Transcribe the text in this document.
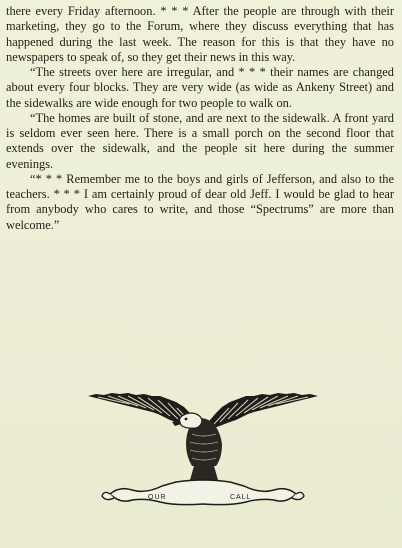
there every Friday afternoon. * * * After the people are through with their marketing, they go to the Forum, where they discuss everything that has happened during the last week. The reason for this is that they have no newspapers to speak of, so they get their news in this way.

“The streets over here are irregular, and * * * their names are changed about every four blocks. They are very wide (as wide as Ankeny Street) and the sidewalks are wide enough for two people to walk on.

“The homes are built of stone, and are next to the sidewalk. A front yard is seldom ever seen here. There is a small porch on the second floor that extends over the sidewalk, and the people sit here during the summer evenings.

“* * * Remember me to the boys and girls of Jefferson, and also to the teachers. * * * I am certainly proud of dear old Jeff. I would be glad to hear from anybody who cares to write, and those “Spectrums” are more than welcome.”

OUR	CALL
